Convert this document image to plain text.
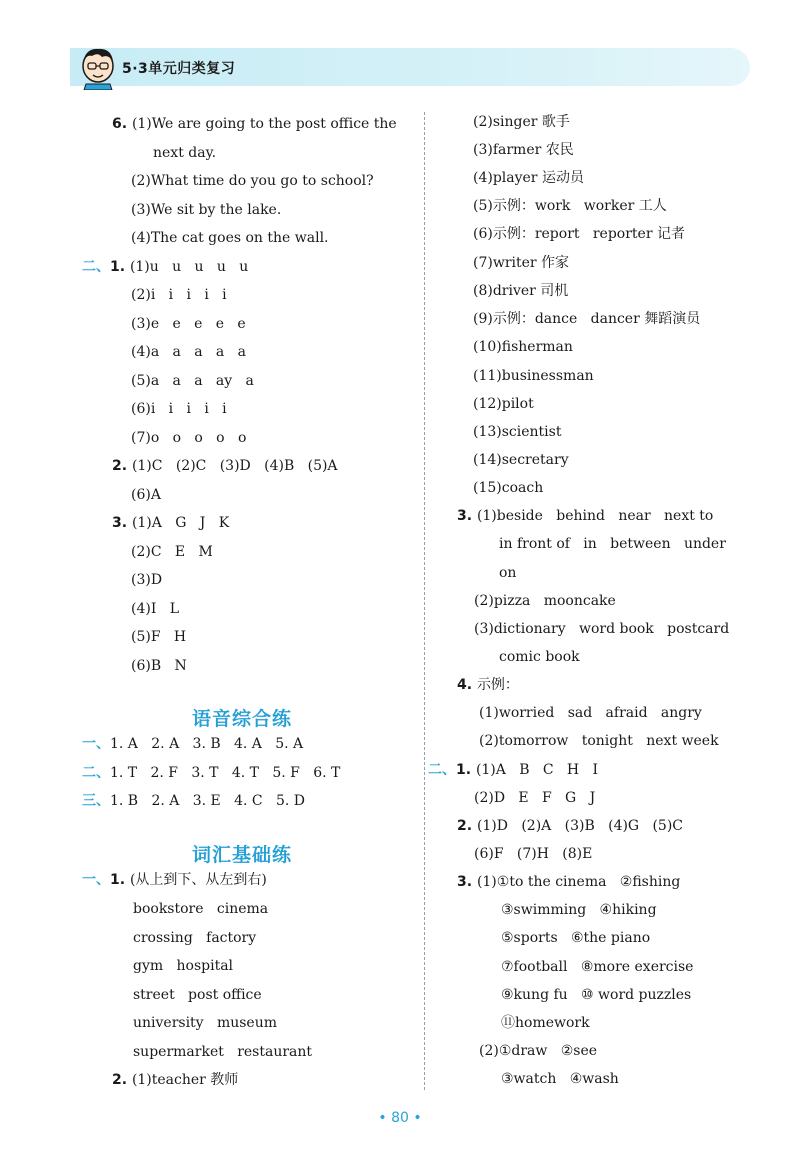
5·3单元归类复习
6. (1)We are going to the post office the
next day.
(2)What time do you go to school?
(3)We sit by the lake.
(4)The cat goes on the wall.
二、1. (1)u   u   u   u   u
(2)i   i   i   i   i
(3)e   e   e   e   e
(4)a   a   a   a   a
(5)a   a   a   ay   a
(6)i   i   i   i   i
(7)o   o   o   o   o
2. (1)C   (2)C   (3)D   (4)B   (5)A
(6)A
3. (1)A   G   J   K
(2)C   E   M
(3)D
(4)I   L
(5)F   H
(6)B   N
一、1. A   2. A   3. B   4. A   5. A
二、1. T   2. F   3. T   4. T   5. F   6. T
三、1. B   2. A   3. E   4. C   5. D
一、1. (从上到下、从左到右)
bookstore   cinema
crossing   factory
gym   hospital
street   post office
university   museum
supermarket   restaurant
2. (1)teacher 教师
(2)singer 歌手
(3)farmer 农民
(4)player 运动员
(5)示例：work   worker 工人
(6)示例：report   reporter 记者
(7)writer 作家
(8)driver 司机
(9)示例：dance   dancer 舞蹈演员
(10)fisherman
(11)businessman
(12)pilot
(13)scientist
(14)secretary
(15)coach
3. (1)beside   behind   near   next to
in front of   in   between   under
on
(2)pizza   mooncake
(3)dictionary   word book   postcard
comic book
4. 示例：
(1)worried   sad   afraid   angry
(2)tomorrow   tonight   next week
二、1. (1)A   B   C   H   I
(2)D   E   F   G   J
2. (1)D   (2)A   (3)B   (4)G   (5)C
(6)F   (7)H   (8)E
3. (1)①to the cinema   ②fishing
③swimming   ④hiking
⑤sports   ⑥the piano
⑦football   ⑧more exercise
⑨kung fu   ⑩ word puzzles
⑪homework
(2)①draw   ②see
③watch   ④wash
语音综合练
词汇基础练
• 80 •
